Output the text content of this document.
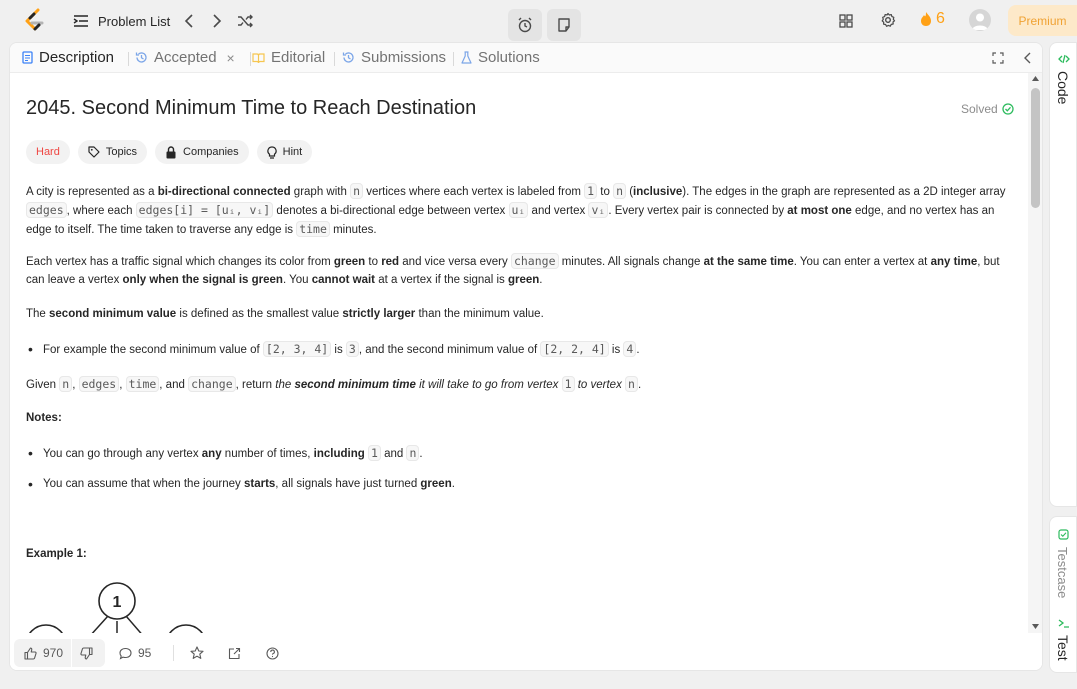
Problem List	6	Premium
Description	Accepted × Editorial Submissions Solutions
2045. Second Minimum Time to Reach Destination	Solved
Hard	Topics	Companies	Hint
A city is represented as a bi-directional connected graph with n vertices where each vertex is labeled from 1 to n (inclusive). The edges in the graph are represented as a 2D integer array edges , where each edges[i] = [uᵢ, vᵢ] denotes a bi-directional edge between vertex uᵢ and vertex vᵢ . Every vertex pair is connected by at most one edge, and no vertex has an edge to itself. The time taken to traverse any edge is time minutes.
Each vertex has a traffic signal which changes its color from green to red and vice versa every change minutes. All signals change at the same time. You can enter a vertex at any time, but can leave a vertex only when the signal is green. You cannot wait at a vertex if the signal is green.
The second minimum value is defined as the smallest value strictly larger than the minimum value.
• For example the second minimum value of [2, 3, 4] is 3 , and the second minimum value of [2, 2, 4] is 4 .
Given n , edges , time , and change , return the second minimum time it will take to go from vertex 1 to vertex n .
Notes:
• You can go through any vertex any number of times, including 1 and n .
• You can assume that when the journey starts, all signals have just turned green.
Example 1:
1
970	95
Code
Testcase
Test
